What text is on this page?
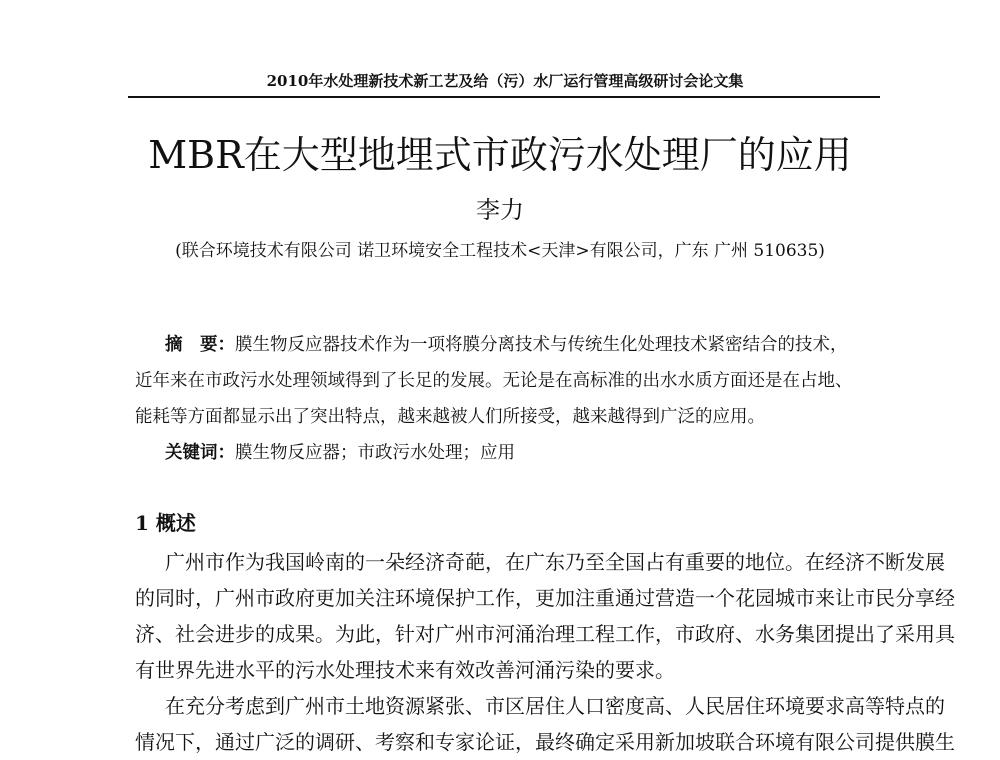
2010年水处理新技术新工艺及给（污）水厂运行管理高级研讨会论文集
MBR在大型地埋式市政污水处理厂的应用
李力
(联合环境技术有限公司 诺卫环境安全工程技术<天津>有限公司，广东 广州 510635)
摘　要：膜生物反应器技术作为一项将膜分离技术与传统生化处理技术紧密结合的技术，
近年来在市政污水处理领域得到了长足的发展。无论是在高标准的出水水质方面还是在占地、
能耗等方面都显示出了突出特点，越来越被人们所接受，越来越得到广泛的应用。
关键词：膜生物反应器；市政污水处理；应用
1 概述
广州市作为我国岭南的一朵经济奇葩，在广东乃至全国占有重要的地位。在经济不断发展
的同时，广州市政府更加关注环境保护工作，更加注重通过营造一个花园城市来让市民分享经
济、社会进步的成果。为此，针对广州市河涌治理工程工作，市政府、水务集团提出了采用具
有世界先进水平的污水处理技术来有效改善河涌污染的要求。
在充分考虑到广州市土地资源紧张、市区居住人口密度高、人民居住环境要求高等特点的
情况下，通过广泛的调研、考察和专家论证，最终确定采用新加坡联合环境有限公司提供膜生
